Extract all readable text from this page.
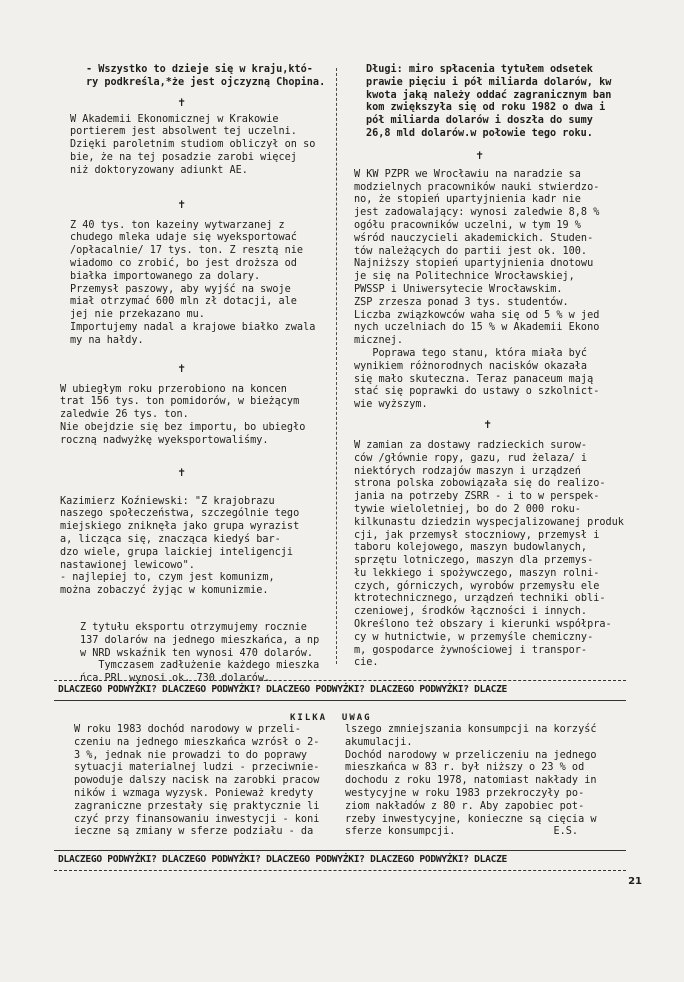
- Wszystko to dzieje się w kraju,któ-
ry podkreśla,*że jest ojczyzną Chopina.

✝

W Akademii Ekonomicznej w Krakowie
portierem jest absolwent tej uczelni.
Dzięki paroletnim studiom obliczył on so
bie, że na tej posadzie zarobi więcej
niż doktoryzowany adiunkt AE.

✝

Z 40 tys. ton kazeiny wytwarzanej z
chudego mleka udaje się wyeksportować
/opłacalnie/ 17 tys. ton. Z resztą nie
wiadomo co zrobić, bo jest droższa od
białka importowanego za dolary.
Przemysł paszowy, aby wyjść na swoje
miał otrzymać 600 mln zł dotacji, ale
jej nie przekazano mu.
Importujemy nadal a krajowe białko zwala
my na hałdy.

✝

W ubiegłym roku przerobiono na koncen
trat 156 tys. ton pomidorów, w bieżącym
zaledwie 26 tys. ton.
Nie obejdzie się bez importu, bo ubiegło
roczną nadwyżkę wyeksportowaliśmy.

✝

Kazimierz Koźniewski: "Z krajobrazu
naszego społeczeństwa, szczególnie tego
miejskiego zniknęła jako grupa wyrazist
a, licząca się, znacząca kiedyś bar-
dzo wiele, grupa laickiej inteligencji
nastawionej lewicowo".
- najlepiej to, czym jest komunizm,
można zobaczyć żyjąc w komunizmie.

Z tytułu eksportu otrzymujemy rocznie
137 dolarów na jednego mieszkańca, a np
w NRD wskaźnik ten wynosi 470 dolarów.
Tymczasem zadłużenie każdego mieszka
ńca PRL wynosi ok. 730 dolarów.

Długi: miro spłacenia tytułem odsetek
prawie pięciu i pół miliarda dolarów, kw
kwota jaką należy oddać zagranicznym ban
kom zwiększyła się od roku 1982 o dwa i
pół miliarda dolarów i doszła do sumy
26,8 mld dolarów.w połowie tego roku.

✝

W KW PZPR we Wrocławiu na naradzie sa
modzielnych pracowników nauki stwierdzo-
no, że stopień upartyjnienia kadr nie
jest zadowalający: wynosi zaledwie 8,8 %
ogółu pracowników uczelni, w tym 19 %
wśród nauczycieli akademickich. Studen-
tów należących do partii jest ok. 100.
Najniższy stopień upartyjnienia dnotowu
je się na Politechnice Wrocławskiej,
PWSSP i Uniwersytecie Wrocławskim.
ZSP zrzesza ponad 3 tys. studentów.
Liczba związkowców waha się od 5 % w jed
nych uczelniach do 15 % w Akademii Ekono
micznej.
Poprawa tego stanu, która miała być
wynikiem różnorodnych nacisków okazała
się mało skuteczna. Teraz panaceum mają
stać się poprawki do ustawy o szkolnict-
wie wyższym.

✝

W zamian za dostawy radzieckich surow-
ców /głównie ropy, gazu, rud żelaza/ i
niektórych rodzajów maszyn i urządzeń
strona polska zobowiązała się do realizo-
jania na potrzeby ZSRR - i to w perspek-
tywie wieloletniej, bo do 2 000 roku-
kilkunastu dziedzin wyspecjalizowanej produk
cji, jak przemysł stoczniowy, przemysł i
taboru kolejowego, maszyn budowlanych,
sprzętu lotniczego, maszyn dla przemys-
łu lekkiego i spożywczego, maszyn rolni-
czych, górniczych, wyrobów przemysłu ele
ktrotechnicznego, urządzeń techniki obli-
czeniowej, środków łączności i innych.
Określono też obszary i kierunki współpra-
cy w hutnictwie, w przemyśle chemiczny-
m, gospodarce żywnościowej i transpor-
cie.

DLACZEGO PODWYŻKI? DLACZEGO PODWYŻKI? DLACZEGO PODWYŻKI? DLACZEGO PODWYŻKI? DLACZE
KILKA  UWAG

W roku 1983 dochód narodowy w przeli-
czeniu na jednego mieszkańca wzrósł o 2-
3 %, jednak nie prowadzi to do poprawy
sytuacji materialnej ludzi - przeciwnie-
powoduje dalszy nacisk na zarobki pracow
ników i wzmaga wyzysk. Ponieważ kredyty
zagraniczne przestały się praktycznie li
czyć przy finansowaniu inwestycji - koni
ieczne są zmiany w sferze podziału - da

lszego zmniejszania konsumpcji na korzyść
akumulacji.
Dochód narodowy w przeliczeniu na jednego
mieszkańca w 83 r. był niższy o 23 % od
dochodu z roku 1978, natomiast nakłady in
westycyjne w roku 1983 przekroczyły po-
ziom nakładów z 80 r. Aby zapobiec pot-
rzeby inwestycyjne, konieczne są cięcia w
sferze konsumpcji.                E.S.

DLACZEGO PODWYŻKI? DLACZEGO PODWYŻKI? DLACZEGO PODWYŻKI? DLACZEGO PODWYŻKI? DLACZE
21
